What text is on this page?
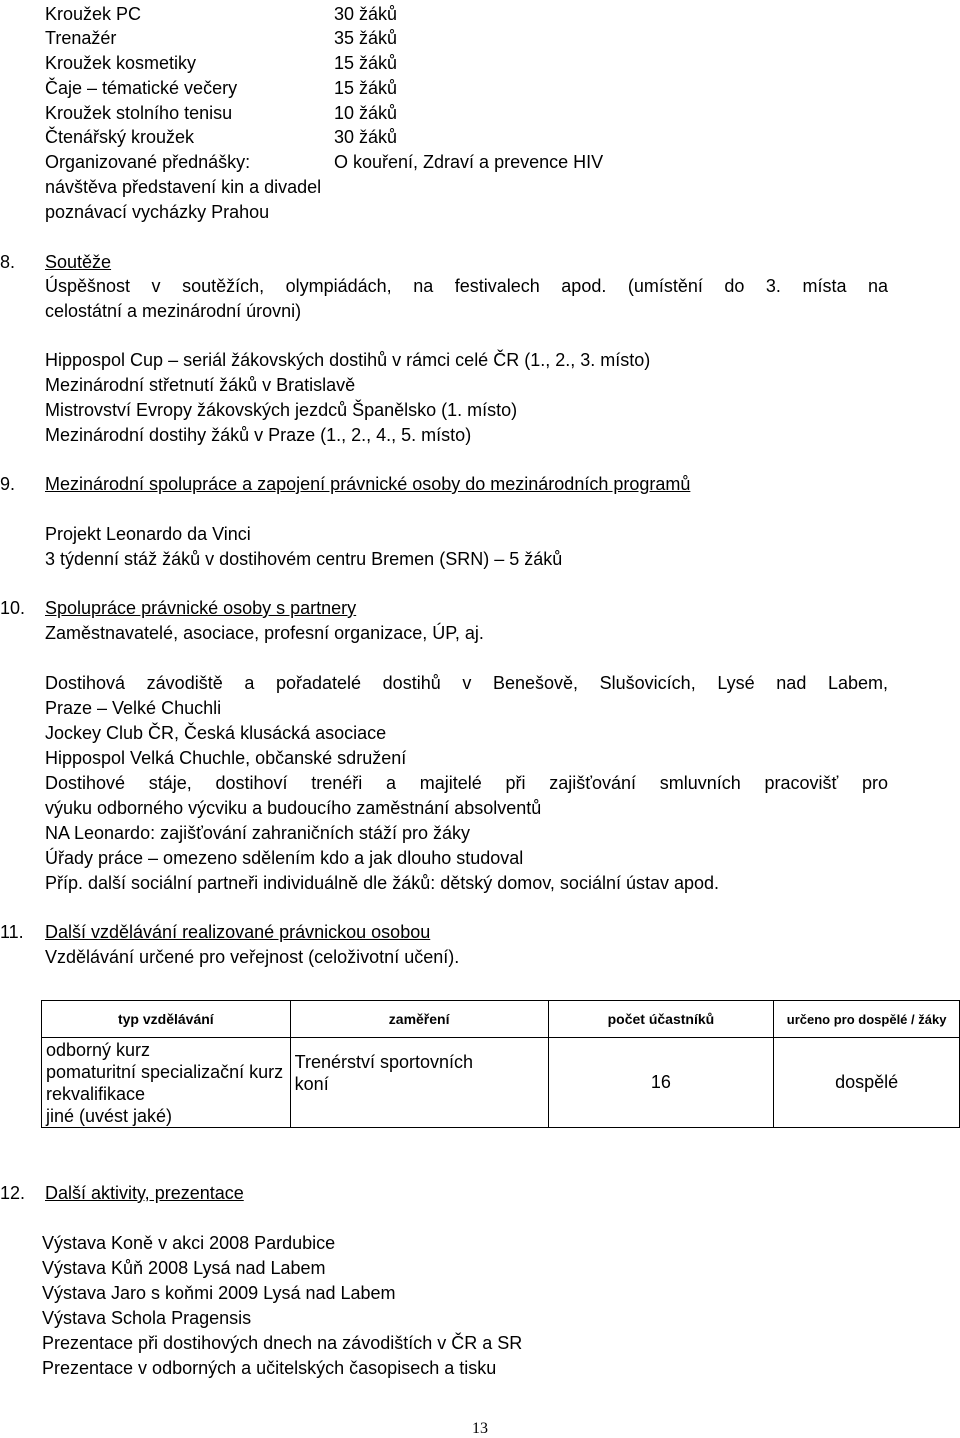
Kroužek PC	30 žáků
Trenažér	35 žáků
Kroužek kosmetiky	15 žáků
Čaje – tématické večery	15 žáků
Kroužek stolního tenisu	10 žáků
Čtenářský kroužek	30 žáků
Organizované přednášky:	O kouření, Zdraví a prevence HIV
návštěva představení kin a divadel
poznávací vycházky Prahou
8. Soutěže
Úspěšnost v soutěžích, olympiádách, na festivalech apod. (umístění do 3. místa na
celostátní a mezinárodní úrovni)
Hippospol Cup – seriál žákovských dostihů v rámci celé ČR (1., 2., 3. místo)
Mezinárodní střetnutí žáků v Bratislavě
Mistrovství Evropy žákovských jezdců Španělsko (1. místo)
Mezinárodní dostihy žáků v Praze (1., 2., 4., 5. místo)
9. Mezinárodní spolupráce a zapojení právnické osoby do mezinárodních programů
Projekt Leonardo da Vinci
3 týdenní stáž žáků v dostihovém centru Bremen (SRN) – 5 žáků
10. Spolupráce právnické osoby s partnery
Zaměstnavatelé, asociace, profesní organizace, ÚP, aj.
Dostihová závodiště a pořadatelé dostihů v Benešově, Slušovicích, Lysé nad Labem,
Praze – Velké Chuchli
Jockey Club ČR, Česká klusácká asociace
Hippospol Velká Chuchle, občanské sdružení
Dostihové stáje, dostihoví trenéři a majitelé při zajišťování smluvních pracovišť pro
výuku odborného výcviku a budoucího zaměstnání absolventů
NA Leonardo: zajišťování zahraničních stáží pro žáky
Úřady práce – omezeno sdělením kdo a jak dlouho studoval
Příp. další sociální partneři individuálně dle žáků: dětský domov, sociální ústav apod.
11. Další vzdělávání realizované právnickou osobou
Vzdělávání určené pro veřejnost (celoživotní učení).
typ vzdělávání	zaměření	počet účastníků	určeno pro dospělé / žáky

odborný kurz
pomaturitní specializační kurz
rekvalifikace
jiné (uvést jaké)	Trenérství sportovních koní	16	dospělé
12. Další aktivity, prezentace
Výstava Koně v akci 2008 Pardubice
Výstava Kůň 2008 Lysá nad Labem
Výstava Jaro s koňmi 2009 Lysá nad Labem
Výstava Schola Pragensis
Prezentace při dostihových dnech na závodištích v ČR a SR
Prezentace v odborných a učitelských časopisech a tisku
13
